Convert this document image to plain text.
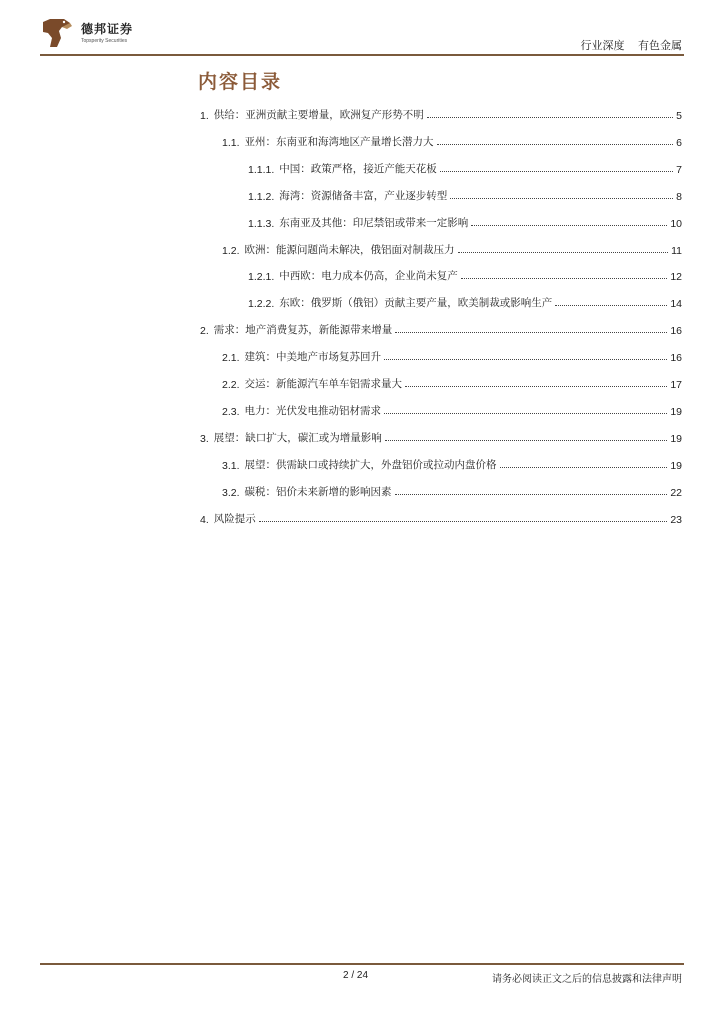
德邦证券
Topsperity Securities	行业深度 有色金属
内容目录
1. 供给：亚洲贡献主要增量，欧洲复产形势不明	5
1.1. 亚州：东南亚和海湾地区产量增长潜力大	6
1.1.1. 中国：政策严格，接近产能天花板	7
1.1.2. 海湾：资源储备丰富，产业逐步转型	8
1.1.3. 东南亚及其他：印尼禁铝或带来一定影响	10
1.2. 欧洲：能源问题尚未解决，俄铝面对制裁压力	11
1.2.1. 中西欧：电力成本仍高，企业尚未复产	12
1.2.2. 东欧：俄罗斯（俄铝）贡献主要产量，欧美制裁或影响生产	14
2. 需求：地产消费复苏，新能源带来增量	16
2.1. 建筑：中美地产市场复苏回升	16
2.2. 交运：新能源汽车单车铝需求量大	17
2.3. 电力：光伏发电推动铝材需求	19
3. 展望：缺口扩大，碳汇或为增量影响	19
3.1. 展望：供需缺口或持续扩大，外盘铝价或拉动内盘价格	19
3.2. 碳税：铝价未来新增的影响因素	22
4. 风险提示	23
2 / 24	请务必阅读正文之后的信息披露和法律声明
